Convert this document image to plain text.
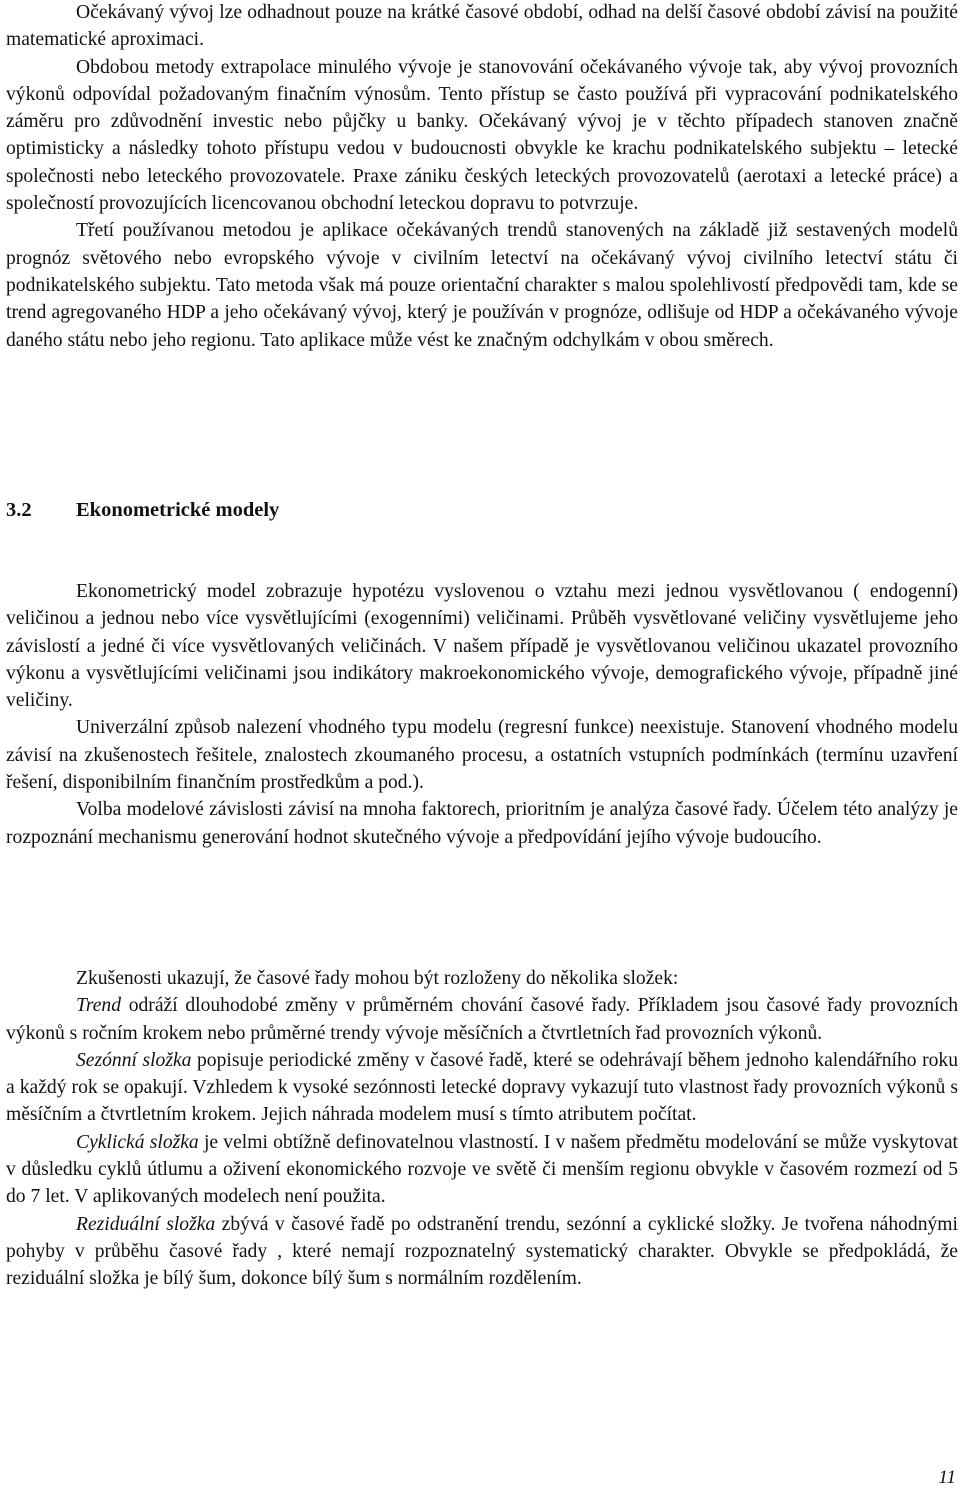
Očekávaný vývoj lze odhadnout pouze na krátké časové období, odhad na delší časové období závisí na použité matematické aproximaci.

Obdobou metody extrapolace minulého vývoje je stanovování očekávaného vývoje tak, aby vývoj provozních výkonů odpovídal požadovaným finačním výnosům. Tento přístup se často používá při vypracování podnikatelského záměru pro zdůvodnění investic nebo půjčky u banky. Očekávaný vývoj je v těchto případech stanoven značně optimisticky a následky tohoto přístupu vedou v budoucnosti obvykle ke krachu podnikatelského subjektu – letecké společnosti nebo leteckého provozovatele. Praxe zániku českých leteckých provozovatelů (aerotaxi a letecké práce) a společností provozujících licencovanou obchodní leteckou dopravu to potvrzuje.

Třetí používanou metodou je aplikace očekávaných trendů stanovených na základě již sestavených modelů prognóz světového nebo evropského vývoje v civilním letectví na očekávaný vývoj civilního letectví státu či podnikatelského subjektu. Tato metoda však má pouze orientační charakter s malou spolehlivostí předpovědi tam, kde se trend agregovaného HDP a jeho očekávaný vývoj, který je používán v prognóze, odlišuje od HDP a očekávaného vývoje daného státu nebo jeho regionu. Tato aplikace může vést ke značným odchylkám v obou směrech.

3.2 Ekonometrické modely

Ekonometrický model zobrazuje hypotézu vyslovenou o vztahu mezi jednou vysvětlovanou ( endogenní) veličinou a jednou nebo více vysvětlujícími (exogenními) veličinami. Průběh vysvětlované veličiny vysvětlujeme jeho závislostí a jedné či více vysvětlovaných veličinách. V našem případě je vysvětlovanou veličinou ukazatel provozního výkonu a vysvětlujícími veličinami jsou indikátory makroekonomického vývoje, demografického vývoje, případně jiné veličiny.

Univerzální způsob nalezení vhodného typu modelu (regresní funkce) neexistuje. Stanovení vhodného modelu závisí na zkušenostech řešitele, znalostech zkoumaného procesu, a ostatních vstupních podmínkách (termínu uzavření řešení, disponibilním finančním prostředkům a pod.).

Volba modelové závislosti závisí na mnoha faktorech, prioritním je analýza časové řady. Účelem této analýzy je rozpoznání mechanismu generování hodnot skutečného vývoje a předpovídání jejího vývoje budoucího.

Zkušenosti ukazují, že časové řady mohou být rozloženy do několika složek:

Trend odráží dlouhodobé změny v průměrném chování časové řady. Příkladem jsou časové řady provozních výkonů s ročním krokem nebo průměrné trendy vývoje měsíčních a čtvrtletních řad provozních výkonů.

Sezónní složka popisuje periodické změny v časové řadě, které se odehrávají během jednoho kalendářního roku a každý rok se opakují. Vzhledem k vysoké sezónnosti letecké dopravy vykazují tuto vlastnost řady provozních výkonů s měsíčním a čtvrtletním krokem. Jejich náhrada modelem musí s tímto atributem počítat.

Cyklická složka je velmi obtížně definovatelnou vlastností. I v našem předmětu modelování se může vyskytovat v důsledku cyklů útlumu a oživení ekonomického rozvoje ve světě či menším regionu obvykle v časovém rozmezí od 5 do 7 let. V aplikovaných modelech není použita.

Reziduální složka zbývá v časové řadě po odstranění trendu, sezónní a cyklické složky. Je tvořena náhodnými pohyby v průběhu časové řady , které nemají rozpoznatelný systematický charakter. Obvykle se předpokládá, že reziduální složka je bílý šum, dokonce bílý šum s normálním rozdělením.

11
